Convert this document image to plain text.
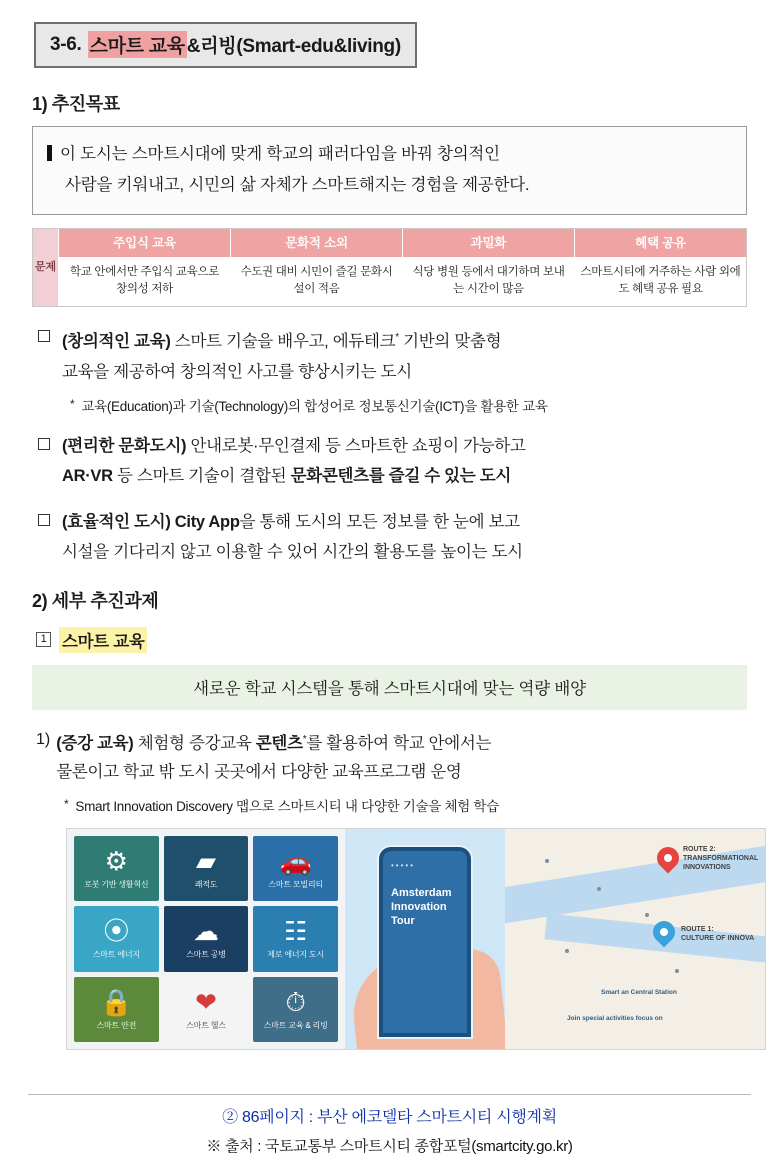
3-6. 스마트 교육 &리빙(Smart-edu&living)
1) 추진목표
이 도시는 스마트시대에 맞게 학교의 패러다임을 바꿔 창의적인
사람을 키워내고, 시민의 삶 자체가 스마트해지는 경험을 제공한다.
문제
주입식 교육
학교 안에서만 주입식 교육으로 창의성 저하
문화적 소외
수도권 대비 시민이 즐길 문화시설이 적음
과밀화
식당 병원 등에서 대기하며 보내는 시간이 많음
혜택 공유
스마트시티에 거주하는 사람 외에도 혜택 공유 필요
(창의적인 교육) 스마트 기술을 배우고, 에듀테크* 기반의 맞춤형
교육을 제공하여 창의적인 사고를 향상시키는 도시
* 교육(Education)과 기술(Technology)의 합성어로 정보통신기술(ICT)을 활용한 교육
(편리한 문화도시) 안내로봇·무인결제 등 스마트한 쇼핑이 가능하고
AR·VR 등 스마트 기술이 결합된 문화콘텐츠를 즐길 수 있는 도시
(효율적인 도시) City App을 통해 도시의 모든 정보를 한 눈에 보고
시설을 기다리지 않고 이용할 수 있어 시간의 활용도를 높이는 도시
2) 세부 추진과제
1 스마트 교육
새로운 학교 시스템을 통해 스마트시대에 맞는 역량 배양
1) (증강 교육) 체험형 증강교육 콘텐츠*를 활용하여 학교 안에서는
물론이고 학교 밖 도시 곳곳에서 다양한 교육프로그램 운영
* Smart Innovation Discovery 맵으로 스마트시티 내 다양한 기술을 체험 학습
⚙
로봇 기반 생활혁신
▰
쾌적도
🚗
스마트 모빌리티
⦿
스마트 에너지
☁
스마트 공병
☷
제로 에너지 도시
🔒
스마트 안전
❤
스마트 헬스
⏱
스마트 교육 & 리빙
•••••
Amsterdam Innovation Tour
ROUTE 2:
TRANSFORMATIONAL INNOVATIONS
ROUTE 1:
CULTURE OF INNOVA
Smart an Central Station
Join special activities focus on
② 86페이지 : 부산 에코델타 스마트시티 시행계획
※ 출처 : 국토교통부 스마트시티 종합포털(smartcity.go.kr)
